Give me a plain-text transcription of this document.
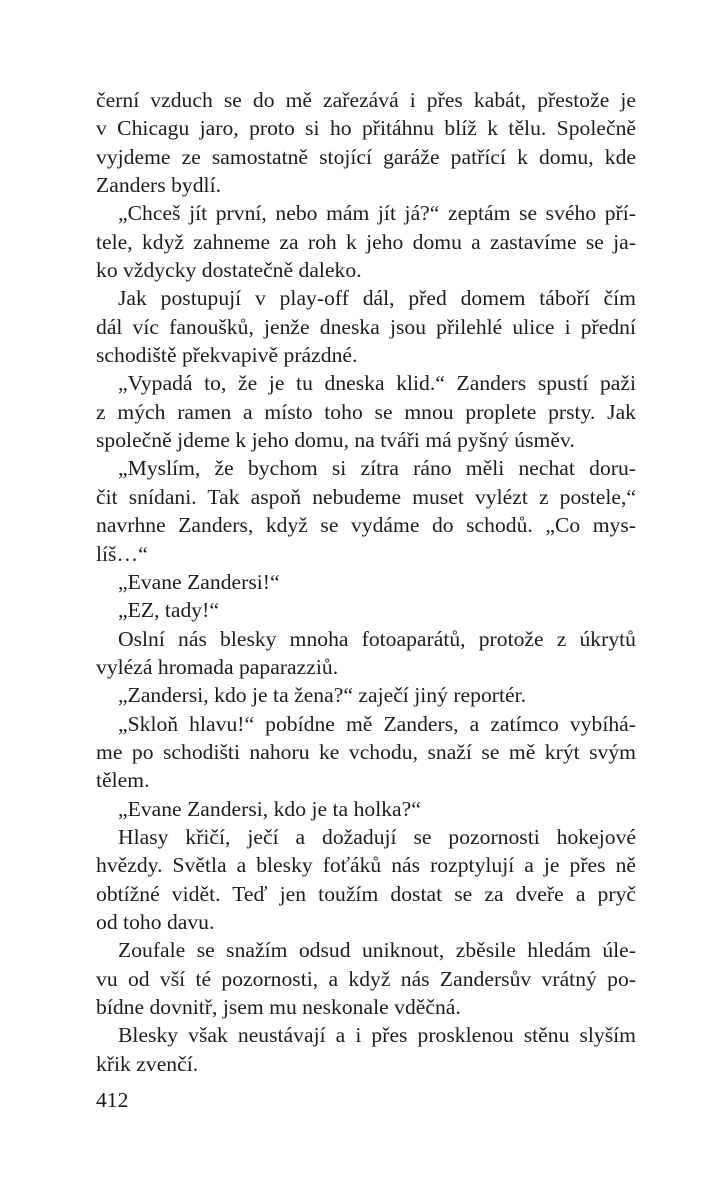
černí vzduch se do mě zařezává i přes kabát, přestože je
v Chicagu jaro, proto si ho přitáhnu blíž k tělu. Společně
vyjdeme ze samostatně stojící garáže patřící k domu, kde
Zanders bydlí.
„Chceš jít první, nebo mám jít já?“ zeptám se svého pří-
tele, když zahneme za roh k jeho domu a zastavíme se ja-
ko vždycky dostatečně daleko.
Jak postupují v play-off dál, před domem táboří čím
dál víc fanoušků, jenže dneska jsou přilehlé ulice i přední
schodiště překvapivě prázdné.
„Vypadá to, že je tu dneska klid.“ Zanders spustí paži
z mých ramen a místo toho se mnou proplete prsty. Jak
společně jdeme k jeho domu, na tváři má pyšný úsměv.
„Myslím, že bychom si zítra ráno měli nechat doru-
čit snídani. Tak aspoň nebudeme muset vylézt z postele,“
navrhne Zanders, když se vydáme do schodů. „Co mys-
líš…“
„Evane Zandersi!“
„EZ, tady!“
Oslní nás blesky mnoha fotoaparátů, protože z úkrytů
vylézá hromada paparazziů.
„Zandersi, kdo je ta žena?“ zaječí jiný reportér.
„Skloň hlavu!“ pobídne mě Zanders, a zatímco vybíhá-
me po schodišti nahoru ke vchodu, snaží se mě krýt svým
tělem.
„Evane Zandersi, kdo je ta holka?“
Hlasy křičí, ječí a dožadují se pozornosti hokejové
hvězdy. Světla a blesky foťáků nás rozptylují a je přes ně
obtížné vidět. Teď jen toužím dostat se za dveře a pryč
od toho davu.
Zoufale se snažím odsud uniknout, zběsile hledám úle-
vu od vší té pozornosti, a když nás Zandersův vrátný po-
bídne dovnitř, jsem mu neskonale vděčná.
Blesky však neustávají a i přes prosklenou stěnu slyším
křik zvenčí.
412
